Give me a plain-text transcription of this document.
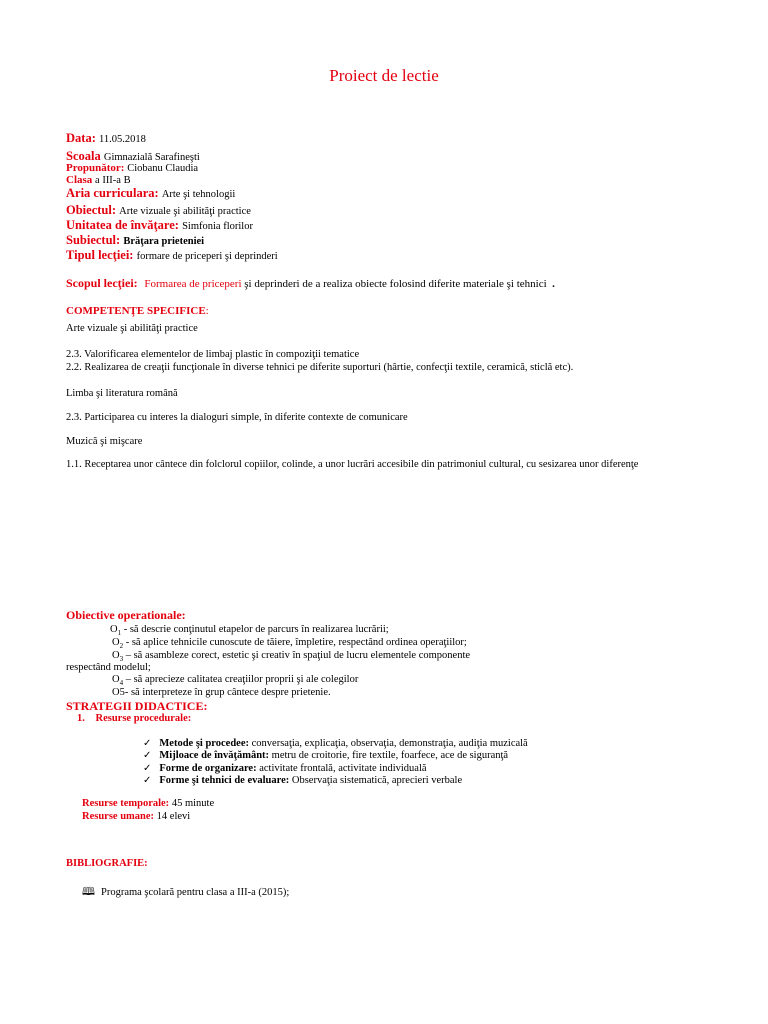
Proiect de lectie
Data: 11.05.2018
Scoala Gimnazială Sarafineşti
Propunător: Ciobanu Claudia
Clasa a III-a B
Aria curriculara: Arte şi tehnologii
Obiectul: Arte vizuale şi abilităţi practice
Unitatea de învăţare: Simfonia florilor
Subiectul: Brăţara prieteniei
Tipul lecţiei: formare de priceperi şi deprinderi
Scopul lecţiei: Formarea de priceperi şi deprinderi de a realiza obiecte folosind diferite materiale şi tehnici  .
COMPETENŢE SPECIFICE:
Arte vizuale şi abilităţi practice
2.3. Valorificarea elementelor de limbaj plastic în compoziţii tematice
2.2. Realizarea de creaţii funcţionale în diverse tehnici pe diferite suporturi (hârtie, confecţii textile, ceramică, sticlă etc).
Limba şi literatura română
2.3. Participarea cu interes la dialoguri simple, în diferite contexte de comunicare
Muzică şi mişcare
1.1. Receptarea unor cântece din folclorul copiilor, colinde, a unor lucrări accesibile din patrimoniul cultural, cu sesizarea unor diferenţe
Obiective operationale:
$O_1$ - să descrie conţinutul etapelor de parcurs în realizarea lucrării;
$O_2$ - să aplice tehnicile cunoscute de tăiere, împletire, respectând ordinea operaţiilor;
$O_3$ – să asambleze corect, estetic şi creativ în spaţiul de lucru elementele componente
respectând modelul;
$O_4$ – să aprecieze calitatea creaţiilor proprii şi ale colegilor
O5- să interpreteze în grup cântece despre prietenie.
STRATEGII DIDACTICE:
1. Resurse procedurale:
✓ Metode şi procedee: conversaţia, explicaţia, observaţia, demonstraţia, audiţia muzicală
✓ Mijloace de învăţământ: metru de croitorie, fire textile, foarfece, ace de siguranţă
✓ Forme de organizare: activitate frontală, activitate individuală
✓ Forme şi tehnici de evaluare: Observaţia sistematică, aprecieri verbale
Resurse temporale: 45 minute
Resurse umane: 14 elevi
BIBLIOGRAFIE:
🕮 Programa şcolară pentru clasa a III-a (2015);
